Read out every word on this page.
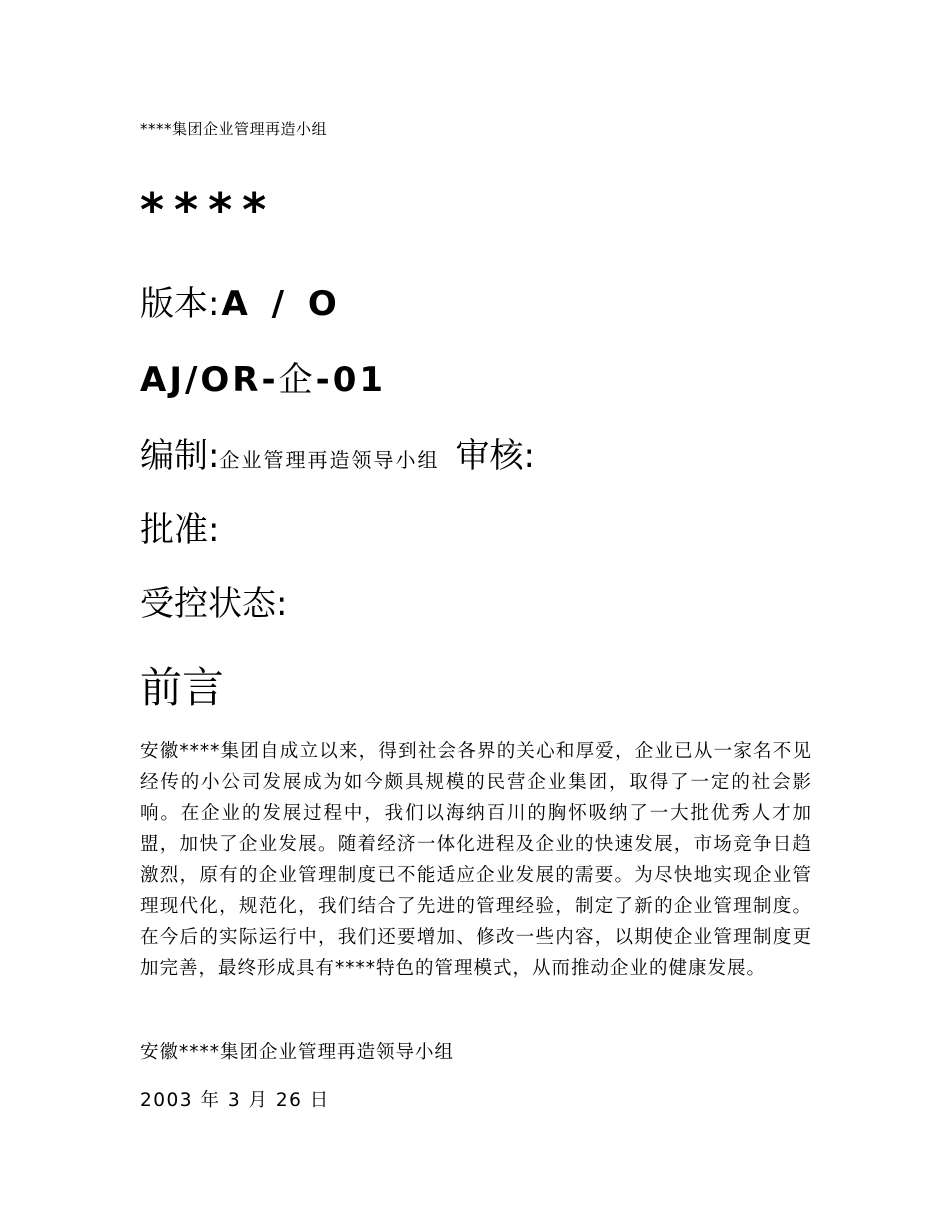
****集团企业管理再造小组
****
版本:A / O
AJ/OR-企-01
编制:企业管理再造领导小组 审核:
批准:
受控状态:
前言

安徽****集团自成立以来，得到社会各界的关心和厚爱，企业已从一家名不见经传的小公司发展成为如今颇具规模的民营企业集团，取得了一定的社会影响。在企业的发展过程中，我们以海纳百川的胸怀吸纳了一大批优秀人才加盟，加快了企业发展。随着经济一体化进程及企业的快速发展，市场竞争日趋激烈，原有的企业管理制度已不能适应企业发展的需要。为尽快地实现企业管理现代化，规范化，我们结合了先进的管理经验，制定了新的企业管理制度。在今后的实际运行中，我们还要增加、修改一些内容，以期使企业管理制度更加完善，最终形成具有****特色的管理模式，从而推动企业的健康发展。

安徽****集团企业管理再造领导小组
2003 年 3 月 26 日
